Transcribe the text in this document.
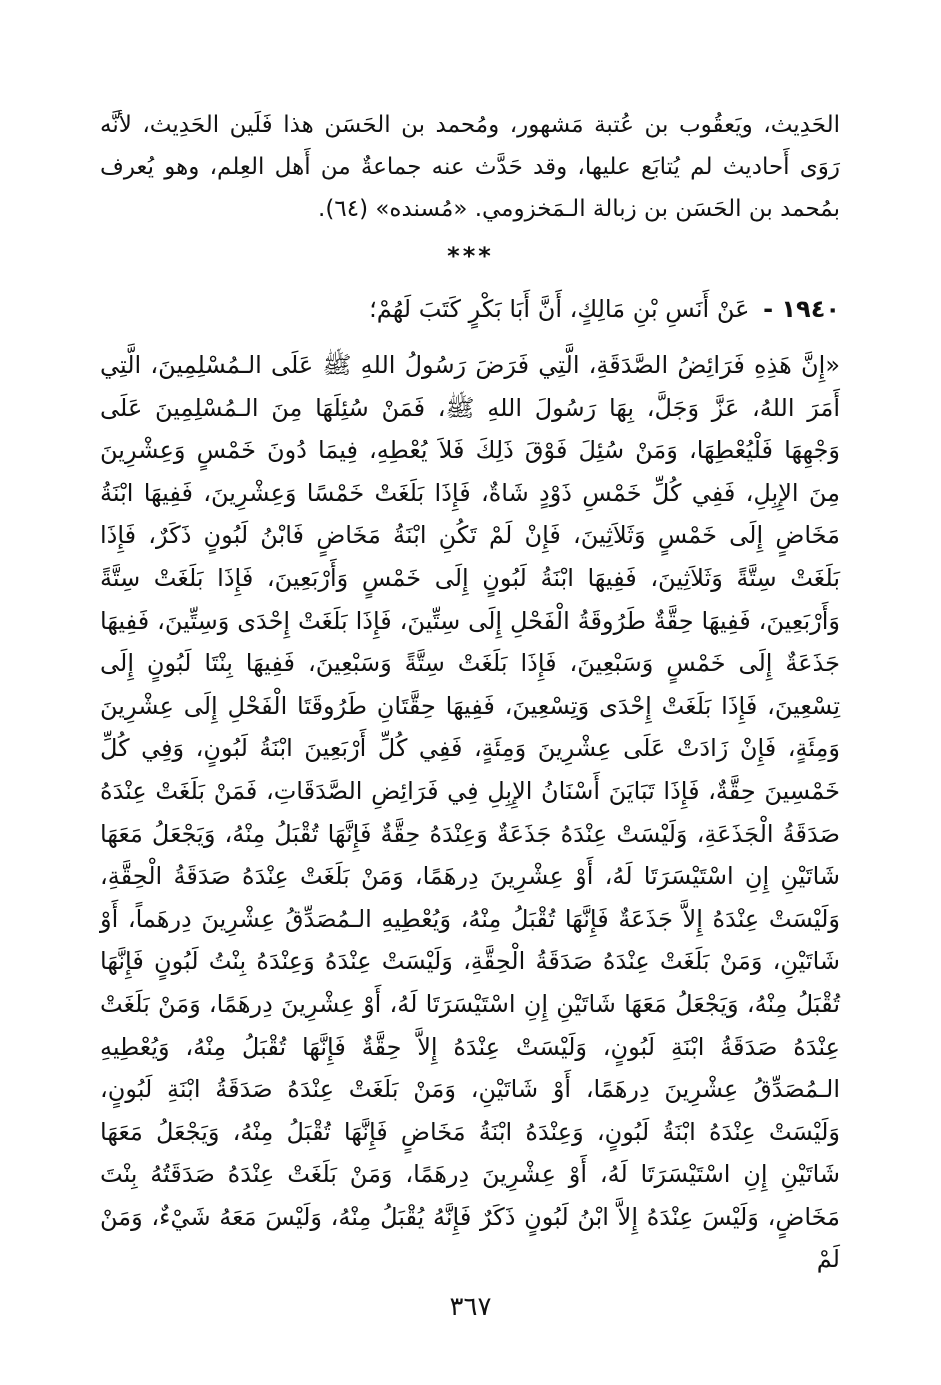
الحَدِيث، ويَعقُوب بن عُتبة مَشهور، ومُحمد بن الحَسَن هذا فَلَين الحَدِيث، لأنَّه رَوَى أَحاديث لم يُتابَع عليها، وقد حَدَّث عنه جماعةٌ من أَهل العِلم، وهو يُعرف بمُحمد بن الحَسَن بن زبالة الـمَخزومي. «مُسنده» (٦٤).

***
١٩٤٠ - عَنْ أَنَسِ بْنِ مَالِكٍ، أَنَّ أَبَا بَكْرٍ كَتَبَ لَهُمْ؛

«إِنَّ هَذِهِ فَرَائِضُ الصَّدَقَةِ، الَّتِي فَرَضَ رَسُولُ اللهِ ﷺ عَلَى الـمُسْلِمِينَ، الَّتِي أَمَرَ اللهُ، عَزَّ وَجَلَّ، بِهَا رَسُولَ اللهِ ﷺ، فَمَنْ سُئِلَهَا مِنَ الـمُسْلِمِينَ عَلَى وَجْهِهَا فَلْيُعْطِهَا، وَمَنْ سُئِلَ فَوْقَ ذَلِكَ فَلاَ يُعْطِهِ، فِيمَا دُونَ خَمْسٍ وَعِشْرِينَ مِنَ الإِبِلِ، فَفِي كُلِّ خَمْسِ ذَوْدٍ شَاةٌ، فَإِذَا بَلَغَتْ خَمْسًا وَعِشْرِينَ، فَفِيهَا ابْنَةُ مَخَاضٍ إِلَى خَمْسٍ وَثَلاَثِينَ، فَإِنْ لَمْ تَكُنِ ابْنَةُ مَخَاضٍ فَابْنُ لَبُونٍ ذَكَرٌ، فَإِذَا بَلَغَتْ سِتَّةً وَثَلاَثِينَ، فَفِيهَا ابْنَةُ لَبُونٍ إِلَى خَمْسٍ وَأَرْبَعِينَ، فَإِذَا بَلَغَتْ سِتَّةً وَأَرْبَعِينَ، فَفِيهَا حِقَّةٌ طَرُوقَةُ الْفَحْلِ إِلَى سِتِّينَ، فَإِذَا بَلَغَتْ إِحْدَى وَسِتِّينَ، فَفِيهَا جَذَعَةٌ إِلَى خَمْسٍ وَسَبْعِينَ، فَإِذَا بَلَغَتْ سِتَّةً وَسَبْعِينَ، فَفِيهَا بِنْتَا لَبُونٍ إِلَى تِسْعِينَ، فَإِذَا بَلَغَتْ إِحْدَى وَتِسْعِينَ، فَفِيهَا حِقَّتَانِ طَرُوقَتَا الْفَحْلِ إِلَى عِشْرِينَ وَمِئَةٍ، فَإِنْ زَادَتْ عَلَى عِشْرِينَ وَمِئَةٍ، فَفِي كُلِّ أَرْبَعِينَ ابْنَةُ لَبُونٍ، وَفِي كُلِّ خَمْسِينَ حِقَّةٌ، فَإِذَا تَبَايَنَ أَسْنَانُ الإِبِلِ فِي فَرَائِضِ الصَّدَقَاتِ، فَمَنْ بَلَغَتْ عِنْدَهُ صَدَقَةُ الْجَذَعَةِ، وَلَيْسَتْ عِنْدَهُ جَذَعَةٌ وَعِنْدَهُ حِقَّةٌ فَإِنَّهَا تُقْبَلُ مِنْهُ، وَيَجْعَلُ مَعَهَا شَاتَيْنِ إِنِ اسْتَيْسَرَتَا لَهُ، أَوْ عِشْرِينَ دِرهَمًا، وَمَنْ بَلَغَتْ عِنْدَهُ صَدَقَةُ الْحِقَّةِ، وَلَيْسَتْ عِنْدَهُ إِلاَّ جَذَعَةٌ فَإِنَّهَا تُقْبَلُ مِنْهُ، وَيُعْطِيهِ الـمُصَدِّقُ عِشْرِينَ دِرهَماً، أَوْ شَاتَيْنِ، وَمَنْ بَلَغَتْ عِنْدَهُ صَدَقَةُ الْحِقَّةِ، وَلَيْسَتْ عِنْدَهُ وَعِنْدَهُ بِنْتُ لَبُونٍ فَإِنَّهَا تُقْبَلُ مِنْهُ، وَيَجْعَلُ مَعَهَا شَاتَيْنِ إِنِ اسْتَيْسَرَتَا لَهُ، أَوْ عِشْرِينَ دِرهَمًا، وَمَنْ بَلَغَتْ عِنْدَهُ صَدَقَةُ ابْنَةِ لَبُونٍ، وَلَيْسَتْ عِنْدَهُ إِلاَّ حِقَّةٌ فَإِنَّهَا تُقْبَلُ مِنْهُ، وَيُعْطِيهِ الـمُصَدِّقُ عِشْرِينَ دِرهَمًا، أَوْ شَاتَيْنِ، وَمَنْ بَلَغَتْ عِنْدَهُ صَدَقَةُ ابْنَةِ لَبُونٍ، وَلَيْسَتْ عِنْدَهُ ابْنَةُ لَبُونٍ، وَعِنْدَهُ ابْنَةُ مَخَاضٍ فَإِنَّهَا تُقْبَلُ مِنْهُ، وَيَجْعَلُ مَعَهَا شَاتَيْنِ إِنِ اسْتَيْسَرَتَا لَهُ، أَوْ عِشْرِينَ دِرهَمًا، وَمَنْ بَلَغَتْ عِنْدَهُ صَدَقَتُهُ بِنْتَ مَخَاضٍ، وَلَيْسَ عِنْدَهُ إِلاَّ ابْنُ لَبُونٍ ذَكَرٌ فَإِنَّهُ يُقْبَلُ مِنْهُ، وَلَيْسَ مَعَهُ شَيْءٌ، وَمَنْ لَمْ

٣٦٧
